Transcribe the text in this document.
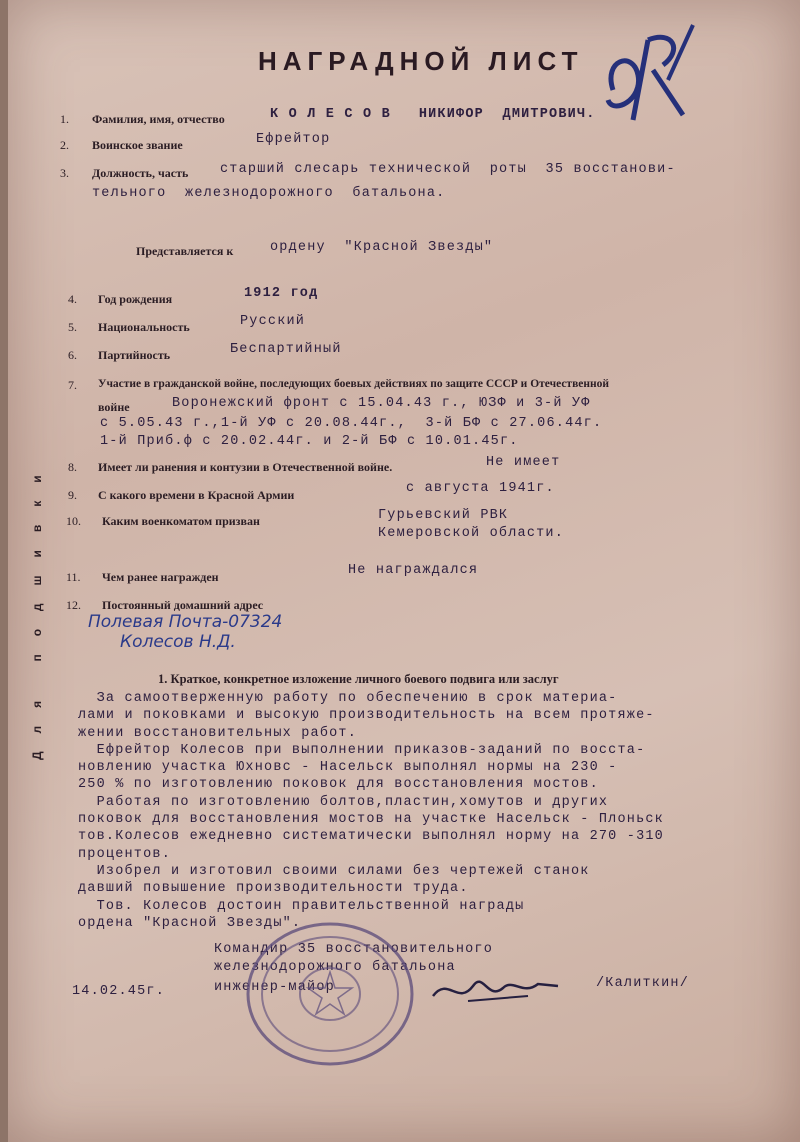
НАГРАДНОЙ ЛИСТ
1. Фамилия, имя, отчество	К О Л Е С О В   НИКИФОР  ДМИТРОВИЧ.
2. Воинское звание	Ефрейтор
3. Должность, часть старший слесарь технической  роты  35 восстанови-
тельного  железнодорожного  батальона.
Представляется к	ордену  "Красной Звезды"
4. Год рождения	1912 год
5. Национальность	Русский
6. Партийность	Беспартийный
7. Участие в гражданской войне, последующих боевых действиях по защите СССР и Отечественной
войне	Воронежский фронт с 15.04.43 г., ЮЗФ и 3-й УФ
с 5.05.43 г.,1-й УФ с 20.08.44г.,  3-й БФ с 27.06.44г.
1-й Приб.ф с 20.02.44г. и 2-й БФ с 10.01.45г.
8. Имеет ли ранения и контузии в Отечественной войне.	Не имеет
9. С какого времени в Красной Армии	с августа 1941г.
10. Каким военкоматом призван	Гурьевский РВК
Кемеровской области.
11. Чем ранее награжден	Не награждался
12. Постоянный домашний адрес
Полевая Почта-07324
Колесов Н.Д.
1. Краткое, конкретное изложение личного боевого подвига или заслуг
За самоотверженную работу по обеспечению в срок материа-
лами и поковками и высокую производительность на всем протяже-
жении восстановительных работ.
Ефрейтор Колесов при выполнении приказов-заданий по восста-
новлению участка Юхновс - Насельск выполнял нормы на 230 -
250 % по изготовлению поковок для восстановления мостов.
Работая по изготовлению болтов,пластин,хомутов и других
поковок для восстановления мостов на участке Насельск - Плоньск
тов.Колесов ежедневно систематически выполнял норму на 270 -310
процентов.
Изобрел и изготовил своими силами без чертежей станок
давший повышение производительности труда.
Тов. Колесов достоин правительственной награды
ордена "Красной Звезды".
Командир 35 восстановительного
железнодорожного батальона
инженер-майор	/Калиткин/
14.02.45г.
Для подшивки
